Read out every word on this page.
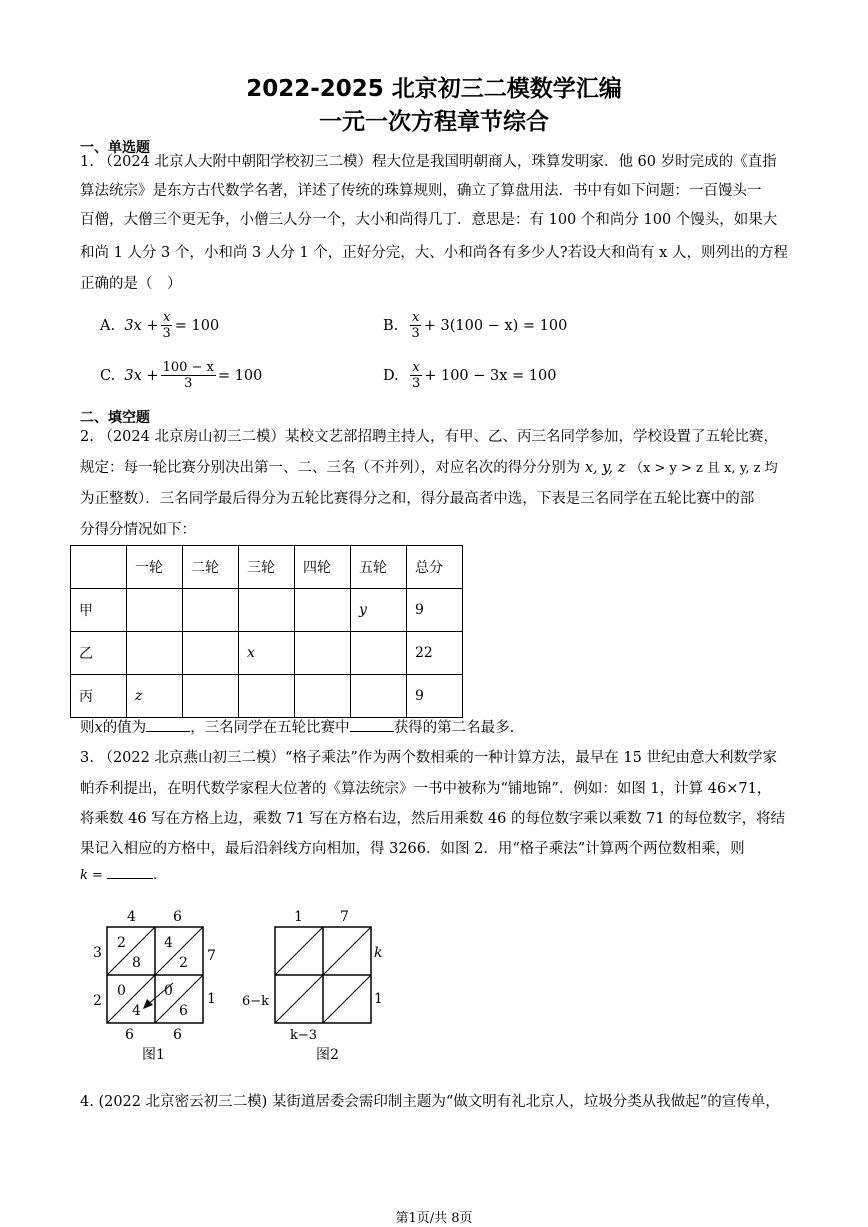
2022-2025 北京初三二模数学汇编
一元一次方程章节综合
一、单选题
1. （2024 北京人大附中朝阳学校初三二模）程大位是我国明朝商人，珠算发明家．他 60 岁时完成的《直指
算法统宗》是东方古代数学名著，详述了传统的珠算规则，确立了算盘用法．书中有如下问题：一百馒头一
百僧，大僧三个更无争，小僧三人分一个，大小和尚得几丁．意思是：有 100 个和尚分 100 个馒头，如果大
和尚 1 人分 3 个，小和尚 3 人分 1 个，正好分完，大、小和尚各有多少人?若设大和尚有 x 人，则列出的方程
正确的是（　）
A.
$3x + \frac{x}{3} = 100$	B.
$\frac{x}{3} + 3(100 - x) = 100$
C.
$3x + \frac{100 - x}{3} = 100$	D.
$\frac{x}{3} + 100 - 3x = 100$
二、填空题
2. （2024 北京房山初三二模）某校文艺部招聘主持人，有甲、乙、丙三名同学参加，学校设置了五轮比赛，
规定：每一轮比赛分别决出第一、二、三名（不并列），对应名次的得分分别为 x, y, z （x > y > z 且 x, y, z 均
为正整数）．三名同学最后得分为五轮比赛得分之和，得分最高者中选，下表是三名同学在五轮比赛中的部
分得分情况如下：
	一轮	二轮	三轮	四轮	五轮	总分
甲					y	9
乙			x			22
丙	z					9
则x的值为	，三名同学在五轮比赛中	获得的第二名最多.
3. （2022 北京燕山初三二模）“格子乘法”作为两个数相乘的一种计算方法，最早在 15 世纪由意大利数学家
帕乔利提出，在明代数学家程大位著的《算法统宗》一书中被称为“铺地锦”．例如：如图 1，计算 46×71，
将乘数 46 写在方格上边，乘数 71 写在方格右边，然后用乘数 46 的每位数字乘以乘数 71 的每位数字，将结
果记入相应的方格中，最后沿斜线方向相加，得 3266．如图 2．用“格子乘法”计算两个两位数相乘，则
k =	.
4	6
3
2
7
1
6	6
2
8
4
2
0
4
0
6
图1
1	7
k
1
6−k
k−3
图2
4. (2022 北京密云初三二模) 某街道居委会需印制主题为“做文明有礼北京人，垃圾分类从我做起”的宣传单，
第1页/共 8页
